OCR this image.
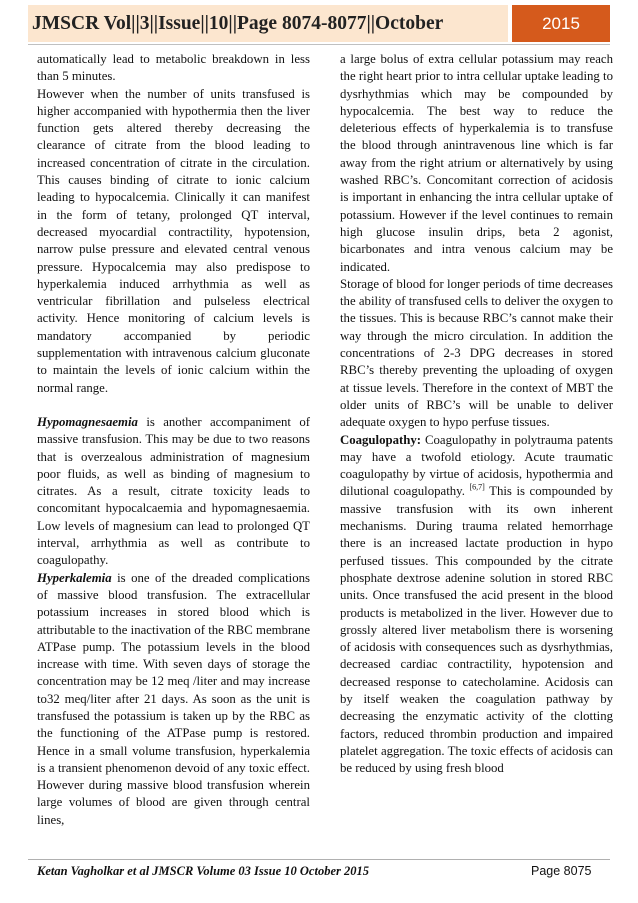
JMSCR Vol||3||Issue||10||Page 8074-8077||October	2015

automatically lead to metabolic breakdown in less than 5 minutes.

However when the number of units transfused is higher accompanied with hypothermia then the liver function gets altered thereby decreasing the clearance of citrate from the blood leading to increased concentration of citrate in the circulation. This causes binding of citrate to ionic calcium leading to hypocalcemia. Clinically it can manifest in the form of tetany, prolonged QT interval, decreased myocardial contractility, hypotension, narrow pulse pressure and elevated central venous pressure. Hypocalcemia may also predispose to hyperkalemia induced arrhythmia as well as ventricular fibrillation and pulseless electrical activity. Hence monitoring of calcium levels is mandatory accompanied by periodic supplementation with intravenous calcium gluconate to maintain the levels of ionic calcium within the normal range.

Hypomagnesaemia is another accompaniment of massive transfusion. This may be due to two reasons that is overzealous administration of magnesium poor fluids, as well as binding of magnesium to citrates. As a result, citrate toxicity leads to concomitant hypocalcaemia and hypomagnesaemia. Low levels of magnesium can lead to prolonged QT interval, arrhythmia as well as contribute to coagulopathy.

Hyperkalemia is one of the dreaded complications of massive blood transfusion. The extracellular potassium increases in stored blood which is attributable to the inactivation of the RBC membrane ATPase pump. The potassium levels in the blood increase with time. With seven days of storage the concentration may be 12 meq /liter and may increase to32 meq/liter after 21 days. As soon as the unit is transfused the potassium is taken up by the RBC as the functioning of the ATPase pump is restored. Hence in a small volume transfusion, hyperkalemia is a transient phenomenon devoid of any toxic effect. However during massive blood transfusion wherein large volumes of blood are given through central lines,

a large bolus of extra cellular potassium may reach the right heart prior to intra cellular uptake leading to dysrhythmias which may be compounded by hypocalcemia. The best way to reduce the deleterious effects of hyperkalemia is to transfuse the blood through anintravenous line which is far away from the right atrium or alternatively by using washed RBC’s. Concomitant correction of acidosis is important in enhancing the intra cellular uptake of potassium. However if the level continues to remain high glucose insulin drips, beta 2 agonist, bicarbonates and intra venous calcium may be indicated.

Storage of blood for longer periods of time decreases the ability of transfused cells to deliver the oxygen to the tissues. This is because RBC’s cannot make their way through the micro circulation. In addition the concentrations of 2-3 DPG decreases in stored RBC’s thereby preventing the uploading of oxygen at tissue levels. Therefore in the context of MBT the older units of RBC’s will be unable to deliver adequate oxygen to hypo perfuse tissues.

Coagulopathy: Coagulopathy in polytrauma patents may have a twofold etiology. Acute traumatic coagulopathy by virtue of acidosis, hypothermia and dilutional coagulopathy. [6,7] This is compounded by massive transfusion with its own inherent mechanisms. During trauma related hemorrhage there is an increased lactate production in hypo perfused tissues. This compounded by the citrate phosphate dextrose adenine solution in stored RBC units. Once transfused the acid present in the blood products is metabolized in the liver. However due to grossly altered liver metabolism there is worsening of acidosis with consequences such as dysrhythmias, decreased cardiac contractility, hypotension and decreased response to catecholamine. Acidosis can by itself weaken the coagulation pathway by decreasing the enzymatic activity of the clotting factors, reduced thrombin production and impaired platelet aggregation. The toxic effects of acidosis can be reduced by using fresh blood

Ketan Vagholkar et al JMSCR Volume 03 Issue 10 October 2015	Page 8075
